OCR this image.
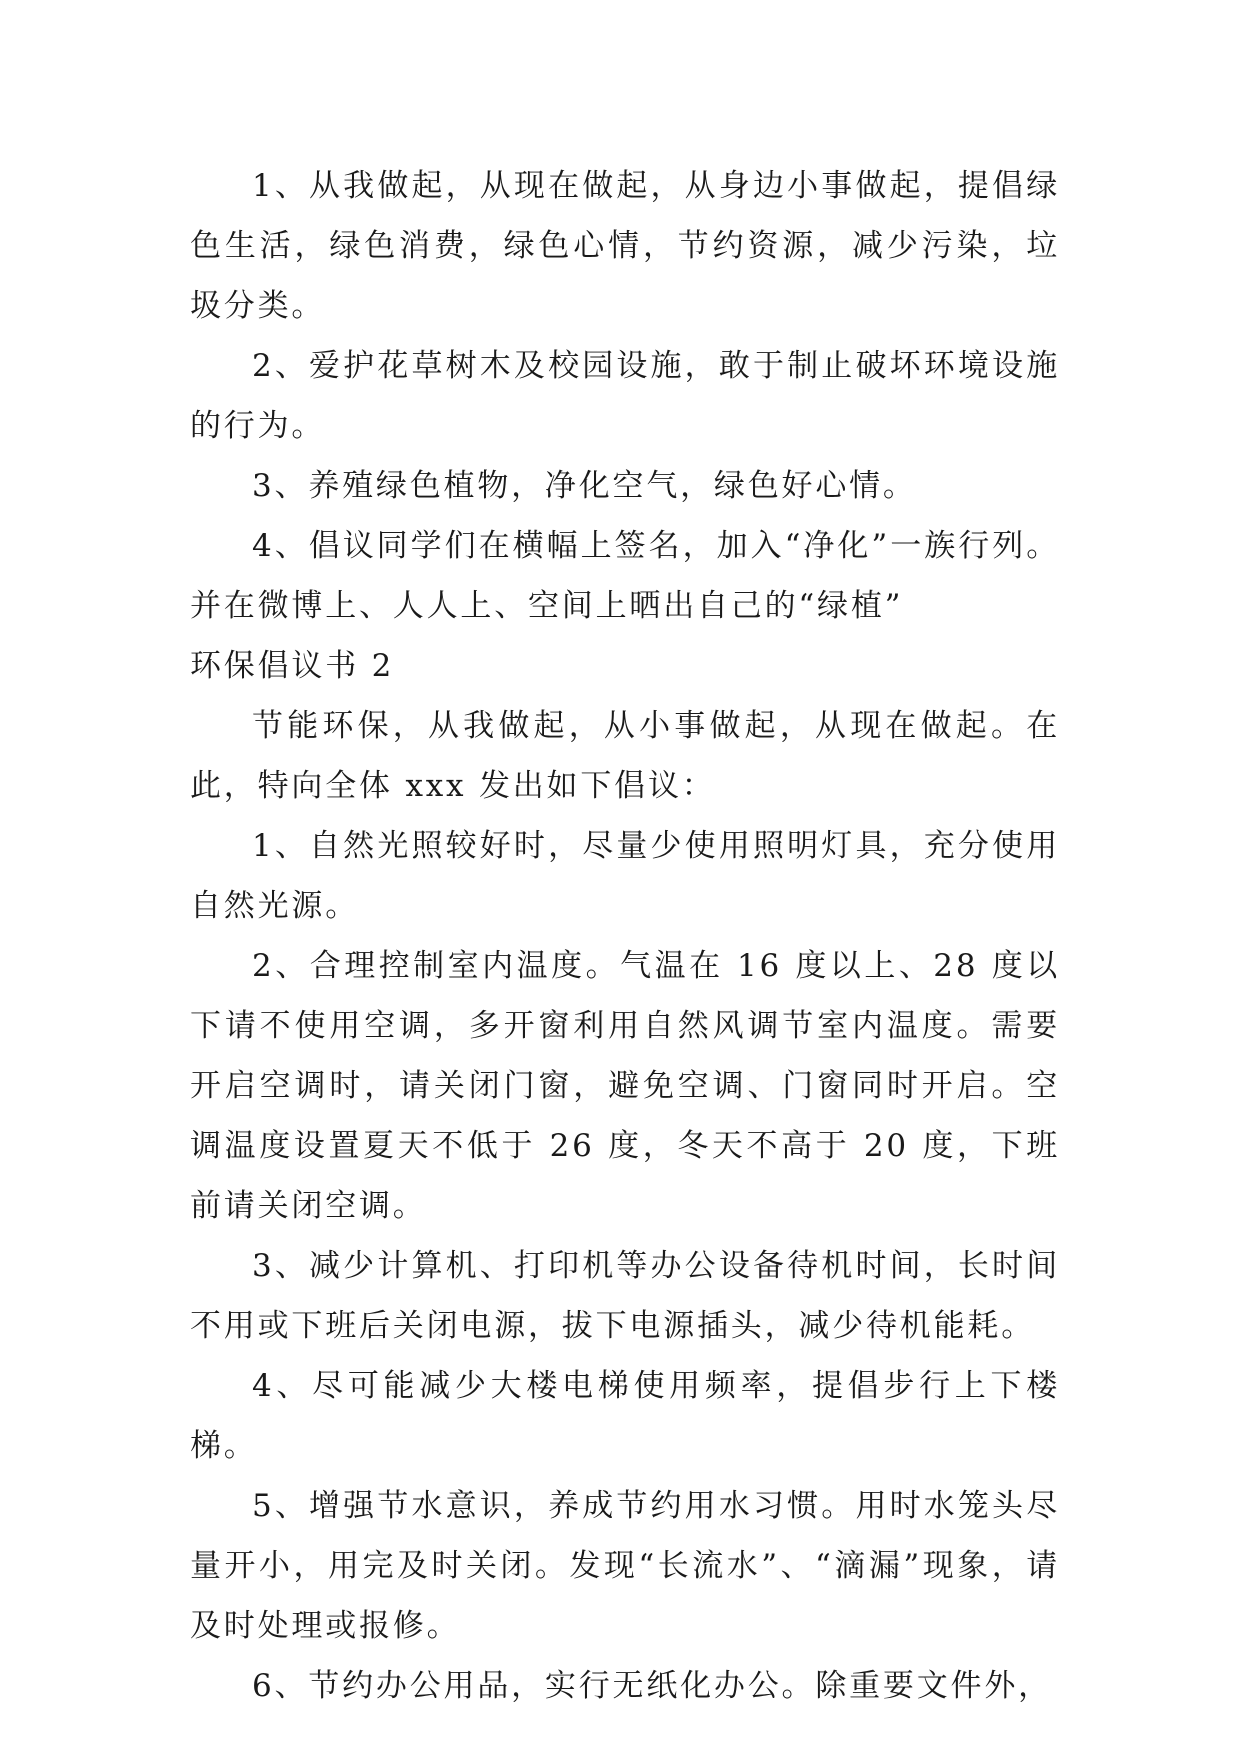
1、从我做起，从现在做起，从身边小事做起，提倡绿色生活，绿色消费，绿色心情，节约资源，减少污染，垃圾分类。

2、爱护花草树木及校园设施，敢于制止破坏环境设施的行为。

3、养殖绿色植物，净化空气，绿色好心情。

4、倡议同学们在横幅上签名，加入“净化”一族行列。并在微博上、人人上、空间上晒出自己的“绿植”

环保倡议书 2

节能环保，从我做起，从小事做起，从现在做起。在此，特向全体 xxx 发出如下倡议：

1、自然光照较好时，尽量少使用照明灯具，充分使用自然光源。

2、合理控制室内温度。气温在 16 度以上、28 度以下请不使用空调，多开窗利用自然风调节室内温度。需要开启空调时，请关闭门窗，避免空调、门窗同时开启。空调温度设置夏天不低于 26 度，冬天不高于 20 度，下班前请关闭空调。

3、减少计算机、打印机等办公设备待机时间，长时间不用或下班后关闭电源，拔下电源插头，减少待机能耗。

4、尽可能减少大楼电梯使用频率，提倡步行上下楼梯。

5、增强节水意识，养成节约用水习惯。用时水笼头尽量开小，用完及时关闭。发现“长流水”、“滴漏”现象，请及时处理或报修。

6、节约办公用品，实行无纸化办公。除重要文件外，
